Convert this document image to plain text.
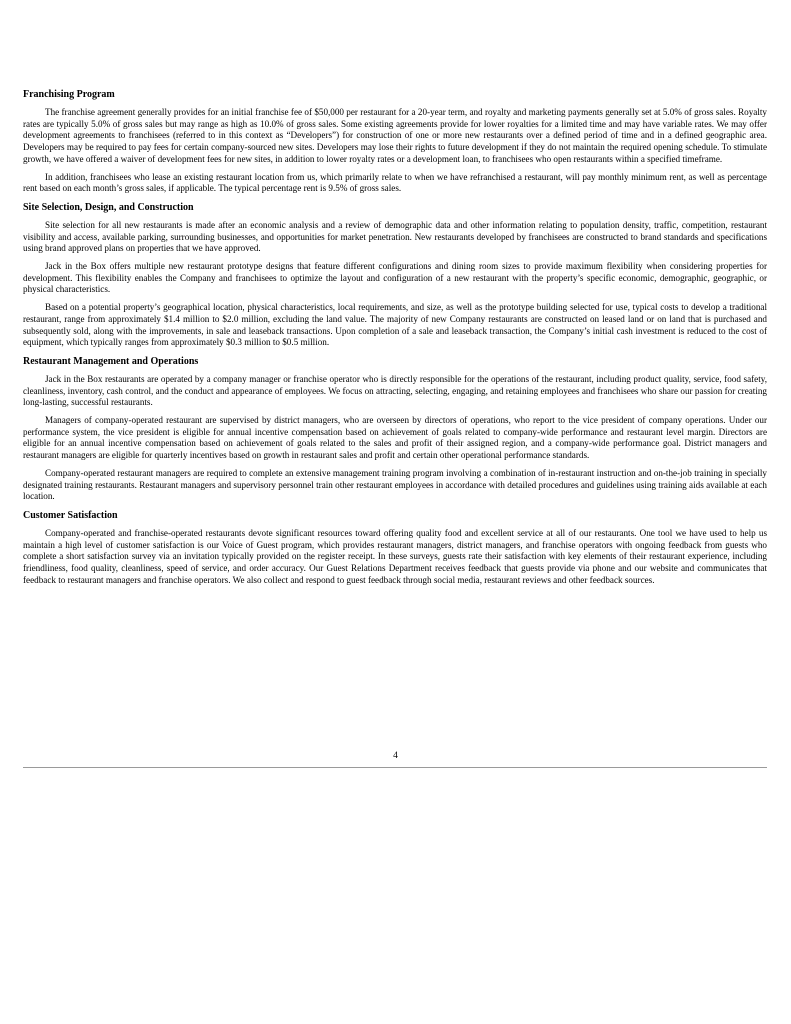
Franchising Program

The franchise agreement generally provides for an initial franchise fee of $50,000 per restaurant for a 20-year term, and royalty and marketing payments generally set at 5.0% of gross sales. Royalty rates are typically 5.0% of gross sales but may range as high as 10.0% of gross sales. Some existing agreements provide for lower royalties for a limited time and may have variable rates. We may offer development agreements to franchisees (referred to in this context as “Developers”) for construction of one or more new restaurants over a defined period of time and in a defined geographic area. Developers may be required to pay fees for certain company-sourced new sites. Developers may lose their rights to future development if they do not maintain the required opening schedule. To stimulate growth, we have offered a waiver of development fees for new sites, in addition to lower royalty rates or a development loan, to franchisees who open restaurants within a specified timeframe.

In addition, franchisees who lease an existing restaurant location from us, which primarily relate to when we have refranchised a restaurant, will pay monthly minimum rent, as well as percentage rent based on each month’s gross sales, if applicable. The typical percentage rent is 9.5% of gross sales.

Site Selection, Design, and Construction

Site selection for all new restaurants is made after an economic analysis and a review of demographic data and other information relating to population density, traffic, competition, restaurant visibility and access, available parking, surrounding businesses, and opportunities for market penetration. New restaurants developed by franchisees are constructed to brand standards and specifications using brand approved plans on properties that we have approved.

Jack in the Box offers multiple new restaurant prototype designs that feature different configurations and dining room sizes to provide maximum flexibility when considering properties for development. This flexibility enables the Company and franchisees to optimize the layout and configuration of a new restaurant with the property’s specific economic, demographic, geographic, or physical characteristics.

Based on a potential property’s geographical location, physical characteristics, local requirements, and size, as well as the prototype building selected for use, typical costs to develop a traditional restaurant, range from approximately $1.4 million to $2.0 million, excluding the land value. The majority of new Company restaurants are constructed on leased land or on land that is purchased and subsequently sold, along with the improvements, in sale and leaseback transactions. Upon completion of a sale and leaseback transaction, the Company’s initial cash investment is reduced to the cost of equipment, which typically ranges from approximately $0.3 million to $0.5 million.

Restaurant Management and Operations

Jack in the Box restaurants are operated by a company manager or franchise operator who is directly responsible for the operations of the restaurant, including product quality, service, food safety, cleanliness, inventory, cash control, and the conduct and appearance of employees. We focus on attracting, selecting, engaging, and retaining employees and franchisees who share our passion for creating long-lasting, successful restaurants.

Managers of company-operated restaurant are supervised by district managers, who are overseen by directors of operations, who report to the vice president of company operations. Under our performance system, the vice president is eligible for annual incentive compensation based on achievement of goals related to company-wide performance and restaurant level margin. Directors are eligible for an annual incentive compensation based on achievement of goals related to the sales and profit of their assigned region, and a company-wide performance goal. District managers and restaurant managers are eligible for quarterly incentives based on growth in restaurant sales and profit and certain other operational performance standards.

Company-operated restaurant managers are required to complete an extensive management training program involving a combination of in-restaurant instruction and on-the-job training in specially designated training restaurants. Restaurant managers and supervisory personnel train other restaurant employees in accordance with detailed procedures and guidelines using training aids available at each location.

Customer Satisfaction

Company-operated and franchise-operated restaurants devote significant resources toward offering quality food and excellent service at all of our restaurants. One tool we have used to help us maintain a high level of customer satisfaction is our Voice of Guest program, which provides restaurant managers, district managers, and franchise operators with ongoing feedback from guests who complete a short satisfaction survey via an invitation typically provided on the register receipt. In these surveys, guests rate their satisfaction with key elements of their restaurant experience, including friendliness, food quality, cleanliness, speed of service, and order accuracy. Our Guest Relations Department receives feedback that guests provide via phone and our website and communicates that feedback to restaurant managers and franchise operators. We also collect and respond to guest feedback through social media, restaurant reviews and other feedback sources.

4
